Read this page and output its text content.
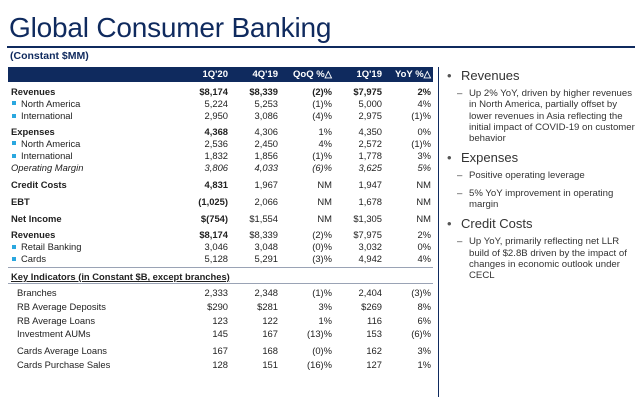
Global Consumer Banking
(Constant $MM)
1Q'20	4Q'19	QoQ %△	1Q'19	YoY %△
Revenues	$8,174	$8,339	(2)%	$7,975	2%
North America	5,224	5,253	(1)%	5,000	4%
International	2,950	3,086	(4)%	2,975	(1)%
Expenses	4,368	4,306	1%	4,350	0%
North America	2,536	2,450	4%	2,572	(1)%
International	1,832	1,856	(1)%	1,778	3%
Operating Margin	3,806	4,033	(6)%	3,625	5%
Credit Costs	4,831	1,967	NM	1,947	NM
EBT	(1,025)	2,066	NM	1,678	NM
Net Income	$(754)	$1,554	NM	$1,305	NM
Revenues	$8,174	$8,339	(2)%	$7,975	2%
Retail Banking	3,046	3,048	(0)%	3,032	0%
Cards	5,128	5,291	(3)%	4,942	4%
Key Indicators (in Constant $B, except branches)
Branches	2,333	2,348	(1)%	2,404	(3)%
RB Average Deposits	$290	$281	3%	$269	8%
RB Average Loans	123	122	1%	116	6%
Investment AUMs	145	167	(13)%	153	(6)%
Cards Average Loans	167	168	(0)%	162	3%
Cards Purchase Sales	128	151	(16)%	127	1%
• Revenues
– Up 2% YoY, driven by higher revenues in North America, partially offset by lower revenues in Asia reflecting the initial impact of COVID-19 on customer behavior
• Expenses
– Positive operating leverage
– 5% YoY improvement in operating margin
• Credit Costs
– Up YoY, primarily reflecting net LLR build of $2.8B driven by the impact of changes in economic outlook under CECL
